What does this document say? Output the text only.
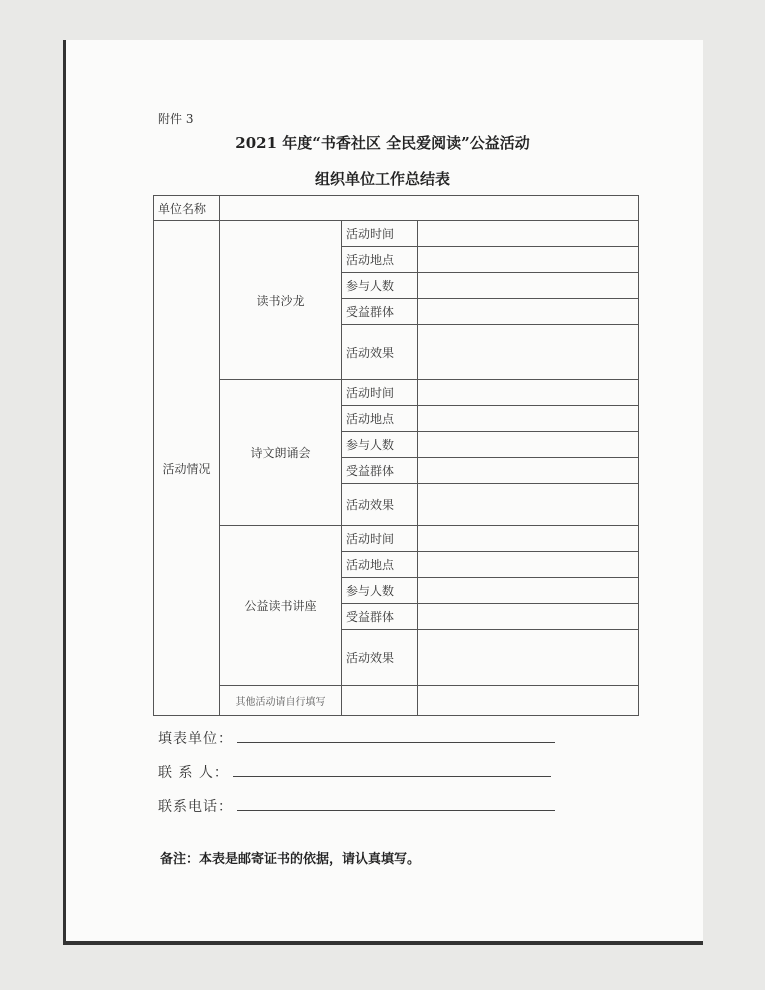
附件 3
2021 年度“书香社区 全民爱阅读”公益活动
组织单位工作总结表
单位名称			
活动情况	读书沙龙	活动时间	
		活动地点	
		参与人数	
		受益群体	
		活动效果	
	诗文朗诵会	活动时间	
		活动地点	
		参与人数	
		受益群体	
		活动效果	
	公益读书讲座	活动时间	
		活动地点	
		参与人数	
		受益群体	
		活动效果	
	其他活动请自行填写		
填表单位：
联 系 人：
联系电话：
备注：本表是邮寄证书的依据，请认真填写。
